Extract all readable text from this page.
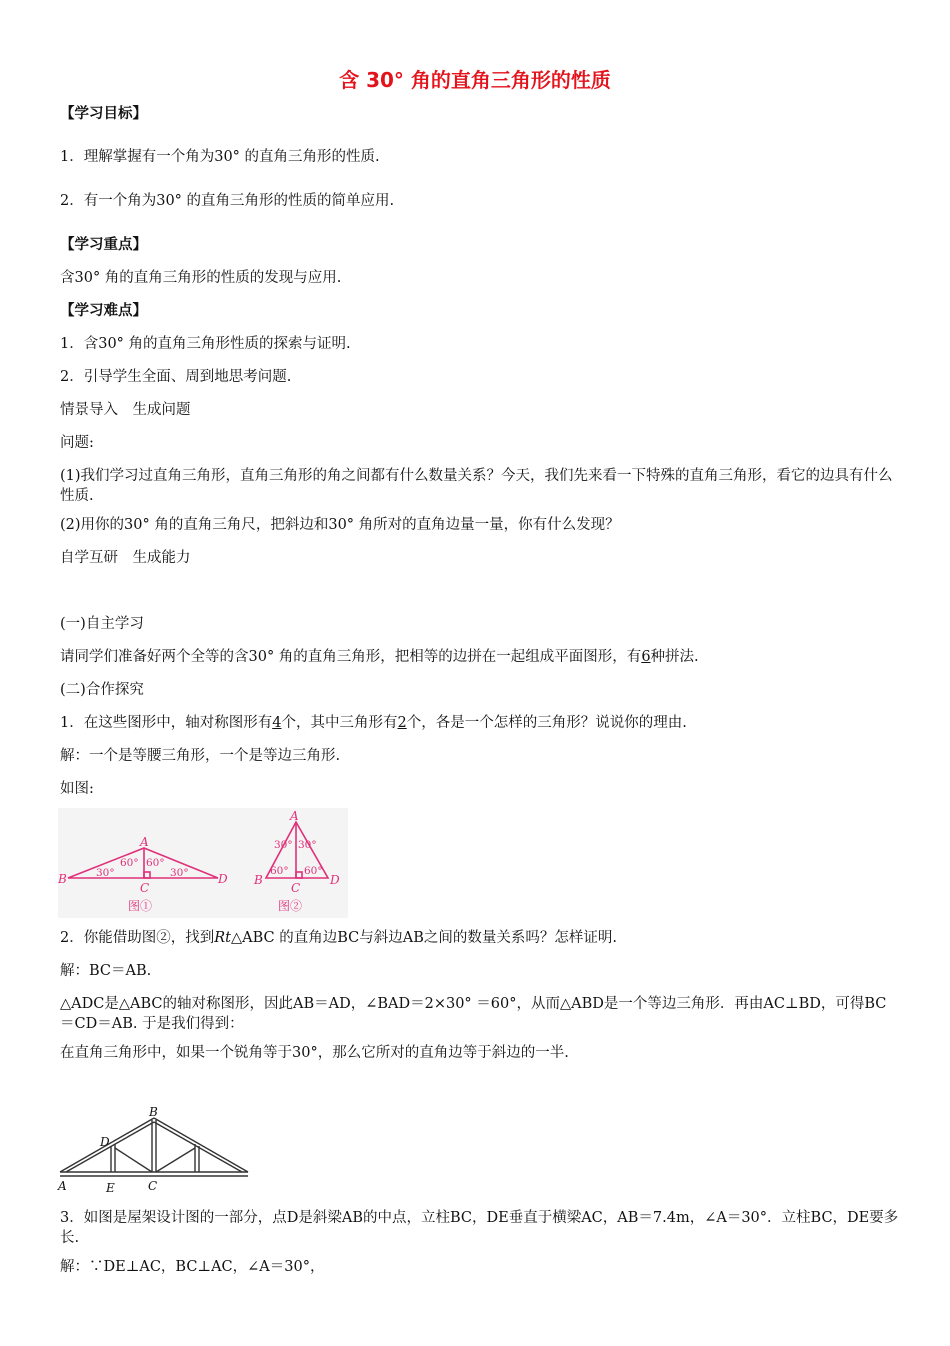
含 30° 角的直角三角形的性质
【学习目标】
1．理解掌握有一个角为30° 的直角三角形的性质.
2．有一个角为30° 的直角三角形的性质的简单应用.
【学习重点】
含30° 角的直角三角形的性质的发现与应用.
【学习难点】
1．含30° 角的直角三角形性质的探索与证明.
2．引导学生全面、周到地思考问题.
情景导入　生成问题
问题:
(1)我们学习过直角三角形，直角三角形的角之间都有什么数量关系？今天，我们先来看一下特殊的直角三角形，看它的边具有什么性质.
(2)用你的30° 角的直角三角尺，把斜边和30° 角所对的直角边量一量，你有什么发现？
自学互研　生成能力
(一)自主学习
请同学们准备好两个全等的含30° 角的直角三角形，把相等的边拼在一起组成平面图形，有6种拼法.
(二)合作探究
1．在这些图形中，轴对称图形有4个，其中三角形有2个，各是一个怎样的三角形？说说你的理由.
解：一个是等腰三角形，一个是等边三角形.
如图:
A
B
C
D
A
B
C
D
60° 60°
30°	30°
30° 30°
60° 60°
图①	图②
2．你能借助图②，找到Rt△ABC 的直角边BC与斜边AB之间的数量关系吗？怎样证明.
解：BC＝AB.
△ADC是△ABC的轴对称图形，因此AB＝AD，∠BAD＝2×30° ＝60°，从而△ABD是一个等边三角形．再由AC⊥BD，可得BC＝CD＝AB. 于是我们得到：
在直角三角形中，如果一个锐角等于30°，那么它所对的直角边等于斜边的一半.
B
D
A	E	C
3．如图是屋架设计图的一部分，点D是斜梁AB的中点，立柱BC，DE垂直于横梁AC，AB＝7.4m，∠A＝30°．立柱BC，DE要多长.
解：∵DE⊥AC，BC⊥AC，∠A＝30°，
